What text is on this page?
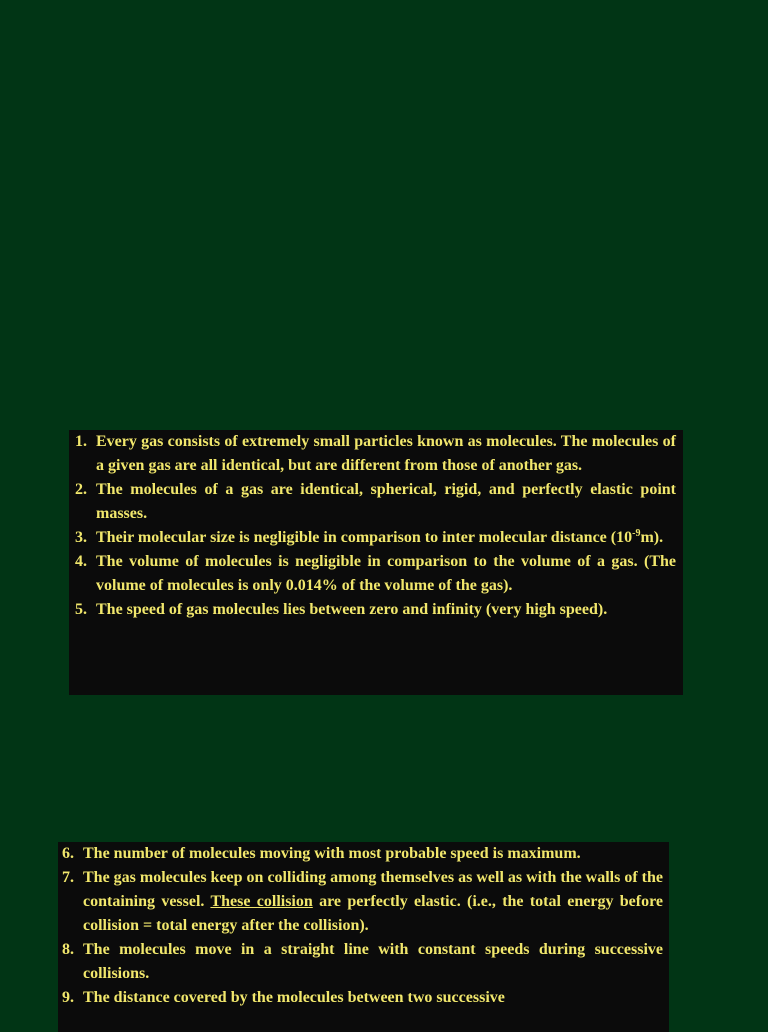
1. Every gas consists of extremely small particles known as molecules. The molecules of a given gas are all identical, but are different from those of another gas.
2. The molecules of a gas are identical, spherical, rigid, and perfectly elastic point masses.
3. Their molecular size is negligible in comparison to inter molecular distance $(10^{-9}m)$.
4. The volume of molecules is negligible in comparison to the volume of a gas. (The volume of molecules is only 0.014% of the volume of the gas).
5. The speed of gas molecules lies between zero and infinity (very high speed).
6. The number of molecules moving with most probable speed is maximum.
7. The gas molecules keep on colliding among themselves as well as with the walls of the containing vessel. These collision are perfectly elastic. (i.e., the total energy before collision = total energy after the collision).
8. The molecules move in a straight line with constant speeds during successive collisions.
9. The distance covered by the molecules between two successive
